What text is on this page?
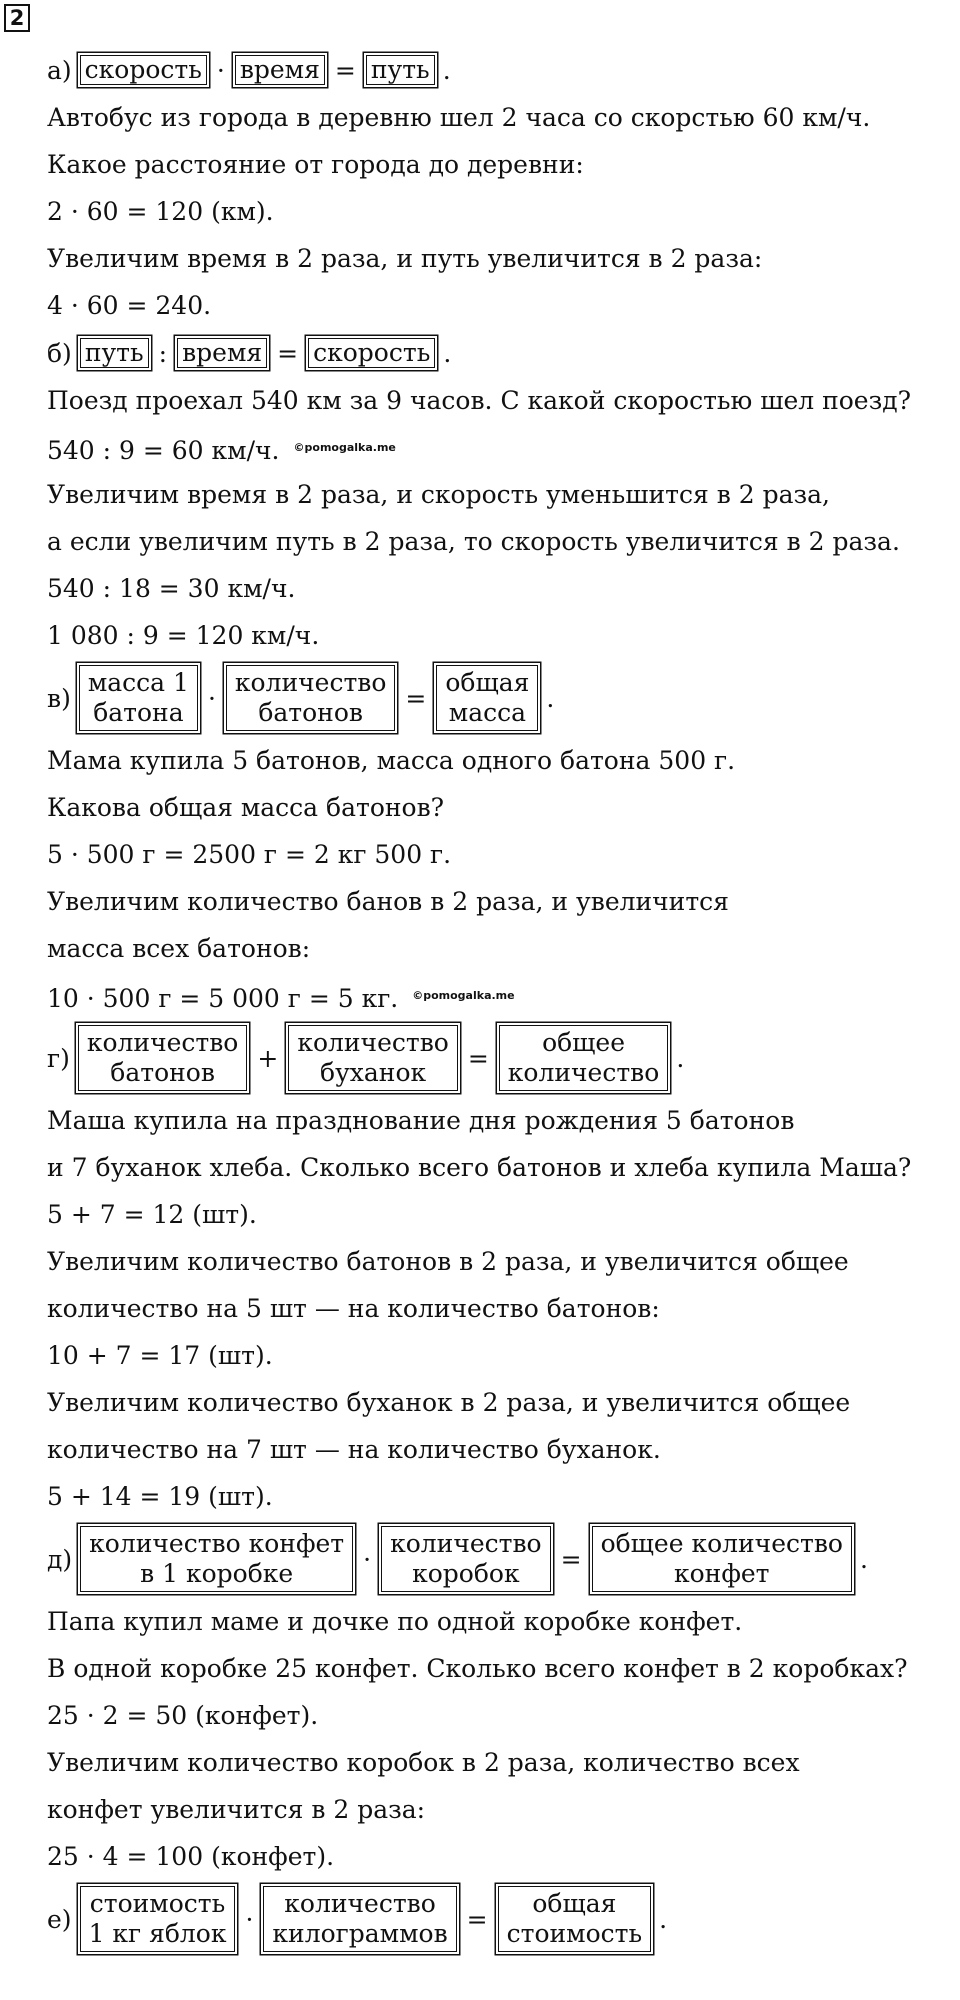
2
а) скорость · время = путь .
Автобус из города в деревню шел 2 часа со скорстью 60 км/ч.
Какое расстояние от города до деревни:
2 · 60 = 120 (км).
Увеличим время в 2 раза, и путь увеличится в 2 раза:
4 · 60 = 240.
б) путь : время = скорость .
Поезд проехал 540 км за 9 часов. С какой скоростью шел поезд?
540 : 9 = 60 км/ч. $^{©pomogalka.me}$
Увеличим время в 2 раза, и скорость уменьшится в 2 раза,
а если увеличим путь в 2 раза, то скорость увеличится в 2 раза.
540 : 18 = 30 км/ч.
1 080 : 9 = 120 км/ч.
в)
масса 1
батона ·
количество
батонов	=
общая
масса .
Мама купила 5 батонов, масса одного батона 500 г.
Какова общая масса батонов?
5 · 500 г = 2500 г = 2 кг 500 г.
Увеличим количество банов в 2 раза, и увеличится
масса всех батонов:
10 · 500 г = 5 000 г = 5 кг. $^{©pomogalka.me}$
г)
количество
батонов	+
количество
буханок	=
общее
количество .
Маша купила на празднование дня рождения 5 батонов
и 7 буханок хлеба. Сколько всего батонов и хлеба купила Маша?
5 + 7 = 12 (шт).
Увеличим количество батонов в 2 раза, и увеличится общее
количество на 5 шт — на количество батонов:
10 + 7 = 17 (шт).
Увеличим количество буханок в 2 раза, и увеличится общее
количество на 7 шт — на количество буханок.
5 + 14 = 19 (шт).
д)
количество конфет
в 1 коробке	·
количество
коробок	=
общее количество
конфет	.
Папа купил маме и дочке по одной коробке конфет.
В одной коробке 25 конфет. Сколько всего конфет в 2 коробках?
25 · 2 = 50 (конфет).
Увеличим количество коробок в 2 раза, количество всех
конфет увеличится в 2 раза:
25 · 4 = 100 (конфет).
е)
стоимость
1 кг яблок ·
количество
килограммов =
общая
стоимость .
